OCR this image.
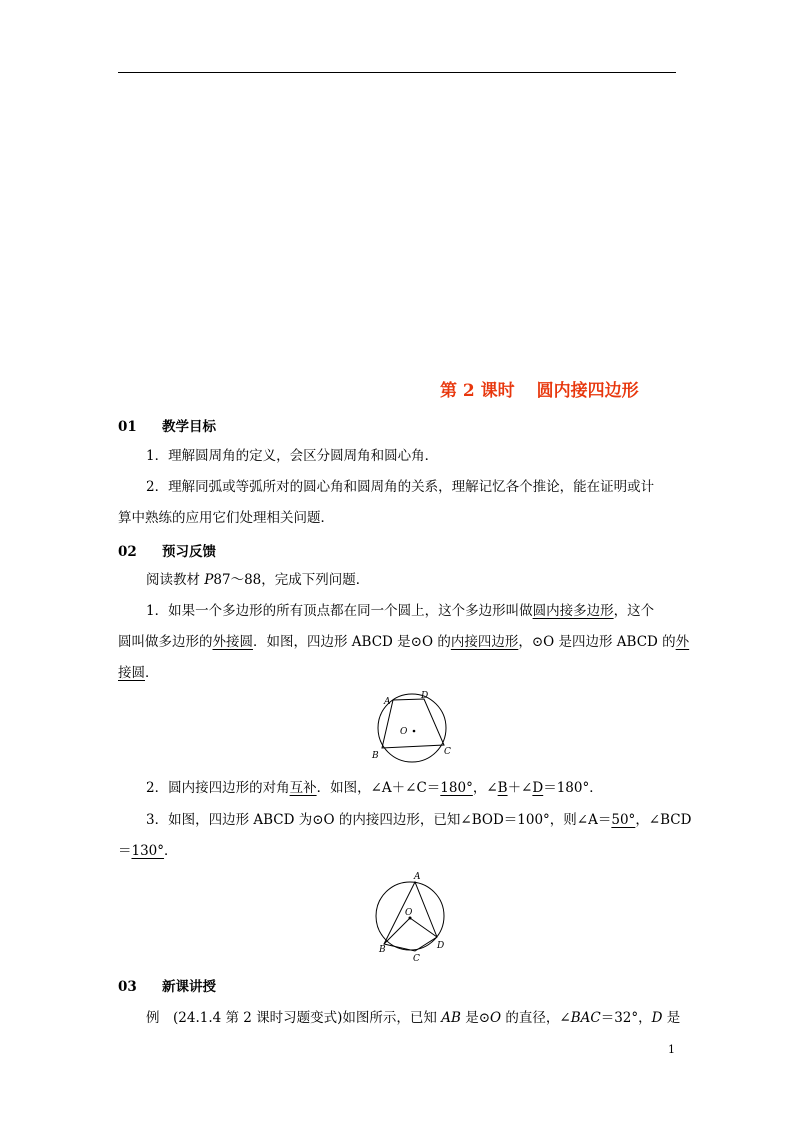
第 2 课时 圆内接四边形
01 教学目标
1．理解圆周角的定义，会区分圆周角和圆心角．
2．理解同弧或等弧所对的圆心角和圆周角的关系，理解记忆各个推论，能在证明或计
算中熟练的应用它们处理相关问题．
02 预习反馈
阅读教材 P87～88，完成下列问题．
1．如果一个多边形的所有顶点都在同一个圆上，这个多边形叫做圆内接多边形，这个
圆叫做多边形的外接圆．如图，四边形 ABCD 是⊙O 的内接四边形，⊙O 是四边形 ABCD 的外
接圆．
A
D
O
B	C
2．圆内接四边形的对角互补．如图，∠A＋∠C＝180°，∠B＋∠D＝180°．
3．如图，四边形 ABCD 为⊙O 的内接四边形，已知∠BOD＝100°，则∠A＝50°，∠BCD
＝130°．
A
O
B
C
D
03 新课讲授
例　(24.1.4 第 2 课时习题变式)如图所示，已知 AB 是⊙O 的直径，∠BAC＝32°，D 是
1
